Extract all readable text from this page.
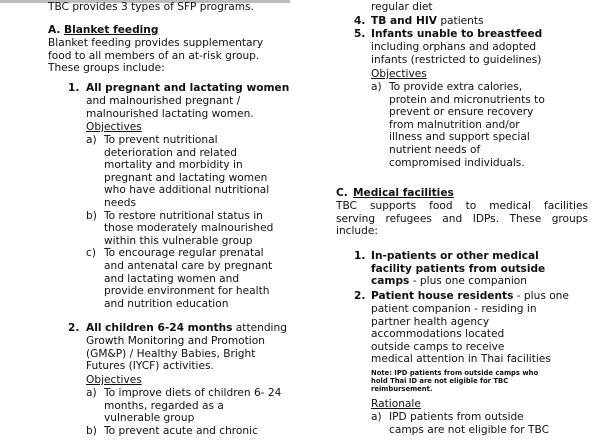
TBC provides 3 types of SFP programs.
A. Blanket feeding
Blanket feeding provides supplementary
food to all members of an at-risk group.
These groups include:
1. All pregnant and lactating women
and malnourished pregnant /
malnourished lactating women.
Objectives
a) To prevent nutritional
deterioration and related
mortality and morbidity in
pregnant and lactating women
who have additional nutritional
needs
b) To restore nutritional status in
those moderately malnourished
within this vulnerable group
c) To encourage regular prenatal
and antenatal care by pregnant
and lactating women and
provide environment for health
and nutrition education
2. All children 6-24 months attending
Growth Monitoring and Promotion
(GM&P) / Healthy Babies, Bright
Futures (IYCF) activities.
Objectives
a) To improve diets of children 6- 24
months, regarded as a
vulnerable group
b) To prevent acute and chronic
regular diet
4. TB and HIV patients
5. Infants unable to breastfeed
including orphans and adopted
infants (restricted to guidelines)
Objectives
a) To provide extra calories,
protein and micronutrients to
prevent or ensure recovery
from malnutrition and/or
illness and support special
nutrient needs of
compromised individuals.
C. Medical facilities
TBC supports food to medical facilities
serving refugees and IDPs. These groups
include:
1. In-patients or other medical
facility patients from outside
camps - plus one companion
2. Patient house residents - plus one
patient companion - residing in
partner health agency
accommodations located
outside camps to receive
medical attention in Thai facilities
Note: IPD patients from outside camps who
hold Thai ID are not eligible for TBC
reimbursement.
Rationale
a) IPD patients from outside
camps are not eligible for TBC
